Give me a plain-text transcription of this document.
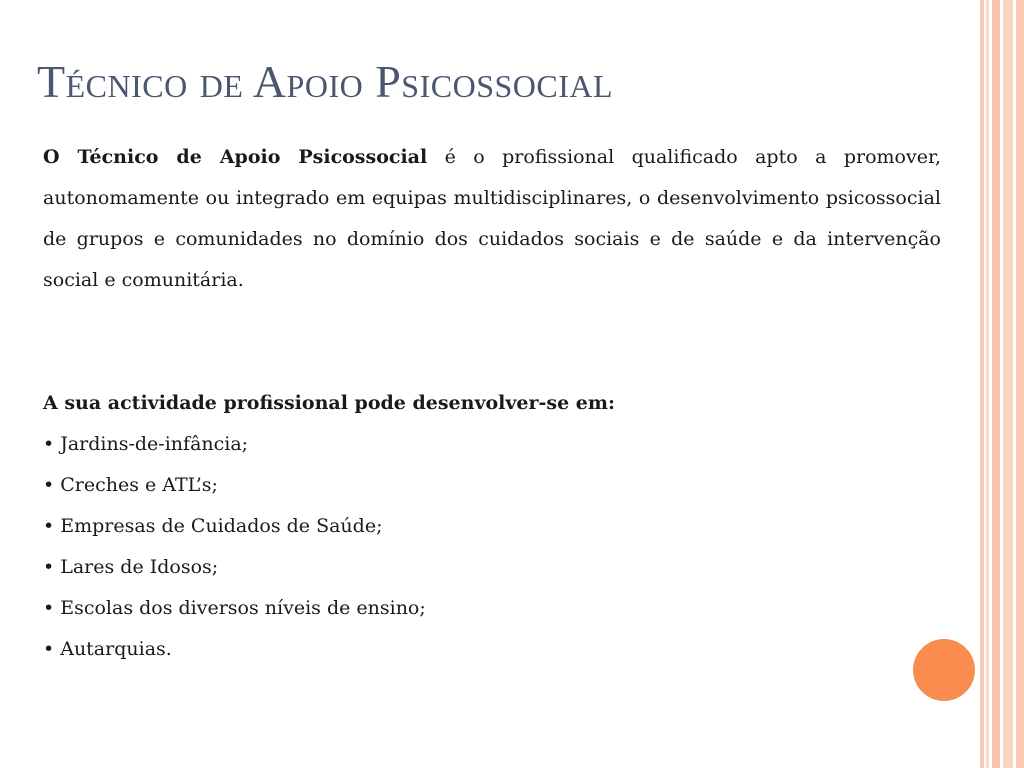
Técnico de Apoio Psicossocial

O Técnico de Apoio Psicossocial é o profissional qualificado apto a promover, autonomamente ou integrado em equipas multidisciplinares, o desenvolvimento psicossocial de grupos e comunidades no domínio dos cuidados sociais e de saúde e da intervenção social e comunitária.

A sua actividade profissional pode desenvolver-se em:

• Jardins-de-infância;
• Creches e ATL’s;
• Empresas de Cuidados de Saúde;
• Lares de Idosos;
• Escolas dos diversos níveis de ensino;
• Autarquias.
